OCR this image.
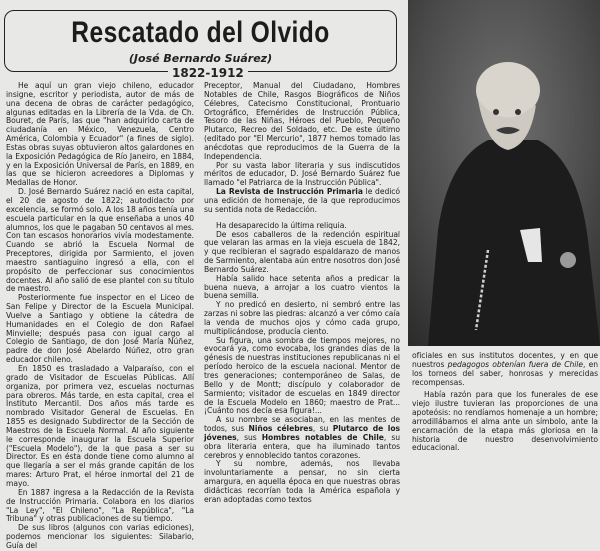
Rescatado del Olvido
(José Bernardo Suárez)
1822-1912

He aquí un gran viejo chileno, educador insigne, escritor y periodista, autor de más de una decena de obras de carácter pedagógico, algunas editadas en la Librería de la Vda. de Ch. Bouret, de París, las que "han adquirido carta de ciudadanía en México, Venezuela, Centro América, Colombia y Ecuador" (a fines de siglo). Estas obras suyas obtuvieron altos galardones en la Exposición Pedagógica de Río Janeiro, en 1884, y en la Exposición Universal de París, en 1889, en las que se hicieron acreedores a Diplomas y Medallas de Honor.

D. José Bernardo Suárez nació en esta capital, el 20 de agosto de 1822; autodidacto por excelencia, se formó solo. A los 18 años tenía una escuela particular en la que enseñaba a unos 40 alumnos, los que le pagaban 50 centavos al mes. Con tan escasos honorarios vivía modestamente. Cuando se abrió la Escuela Normal de Preceptores, dirigida por Sarmiento, el joven maestro santiaguino ingresó a ella, con el propósito de perfeccionar sus conocimientos docentes. Al año salió de ese plantel con su título de maestro.

Posteriormente fue inspector en el Liceo de San Felipe y Director de la Escuela Municipal. Vuelve a Santiago y obtiene la cátedra de Humanidades en el Colegio de don Rafael Minvielle; después pasa con igual cargo al Colegio de Santiago, de don José María Núñez, padre de don José Abelardo Núñez, otro gran educador chileno.

En 1850 es trasladado a Valparaíso, con el grado de Visitador de Escuelas Públicas. Allí organiza, por primera vez, escuelas nocturnas para obreros. Más tarde, en esta capital, crea el Instituto Mercantil. Dos años más tarde es nombrado Visitador General de Escuelas. En 1855 es designado Subdirector de la Sección de Maestros de la Escuela Normal. Al año siguiente le corresponde inaugurar la Escuela Superior ("Escuela Modelo"), de la que pasa a ser su Director. Es en ésta donde tiene como alumno al que llegaría a ser el más grande capitán de los mares: Arturo Prat, el héroe inmortal del 21 de mayo.

En 1887 ingresa a la Redacción de la Revista de Instrucción Primaria. Colabora en los diarios "La Ley", "El Chileno", "La República", "La Tribuna" y otras publicaciones de su tiempo.

De sus libros (algunos con varias ediciones), podemos mencionar los siguientes: Silabario, Guía del

Preceptor, Manual del Ciudadano, Hombres Notables de Chile, Rasgos Biográficos de Niños Célebres, Catecismo Constitucional, Prontuario Ortográfico, Efemérides de Instrucción Pública, Tesoro de las Niñas, Héroes del Pueblo, Pequeño Plutarco, Recreo del Soldado, etc. De este último (editado por "El Mercurio", 1877 hemos tomado las anécdotas que reproducimos de la Guerra de la Independencia.

Por su vasta labor literaria y sus indiscutidos méritos de educador, D. José Bernardo Suárez fue llamado "el Patriarca de la Instrucción Pública".

La Revista de Instrucción Primaria le dedicó una edición de homenaje, de la que reproducimos su sentida nota de Redacción.

Ha desaparecido la última reliquia.

De esos caballeros de la redención espiritual que velaran las armas en la vieja escuela de 1842, y que recibieran el sagrado espaldarazo de manos de Sarmiento, alentaba aún entre nosotros don José Bernardo Suárez.

Había salido hace setenta años a predicar la buena nueva, a arrojar a los cuatro vientos la buena semilla.

Y no predicó en desierto, ni sembró entre las zarzas ni sobre las piedras: alcanzó a ver cómo caía la venda de muchos ojos y cómo cada grupo, multiplicándose, producía ciento.

Su figura, una sombra de tiempos mejores, no evocará ya, como evocaba, los grandes días de la génesis de nuestras instituciones republicanas ni el período heroico de la escuela nacional. Mentor de tres generaciones; contemporáneo de Salas, de Bello y de Montt; discípulo y colaborador de Sarmiento; visitador de escuelas en 1849 director de la Escuela Modelo en 1860; maestro de Prat... ¡Cuánto nos decía esa figura!...

A su nombre se asociaban, en las mentes de todos, sus Niños célebres, su Plutarco de los jóvenes, sus Hombres notables de Chile, su obra literaria entera, que ha iluminado tantos cerebros y ennoblecido tantos corazones.

Y su nombre, además, nos llevaba involuntariamente a pensar, no sin cierta amargura, en aquella época en que nuestras obras didácticas recorrían toda la América española y eran adoptadas como textos

oficiales en sus institutos docentes, y en que nuestros pedagogos obtenían fuera de Chile, en los torneos del saber, honrosas y merecidas recompensas.

Había razón para que los funerales de ese viejo ilustre tuvieran las proporciones de una apoteósis: no rendíamos homenaje a un hombre; arrodillábamos el alma ante un símbolo, ante la encarnación de la etapa más gloriosa en la historia de nuestro desenvolvimiento educacional.
